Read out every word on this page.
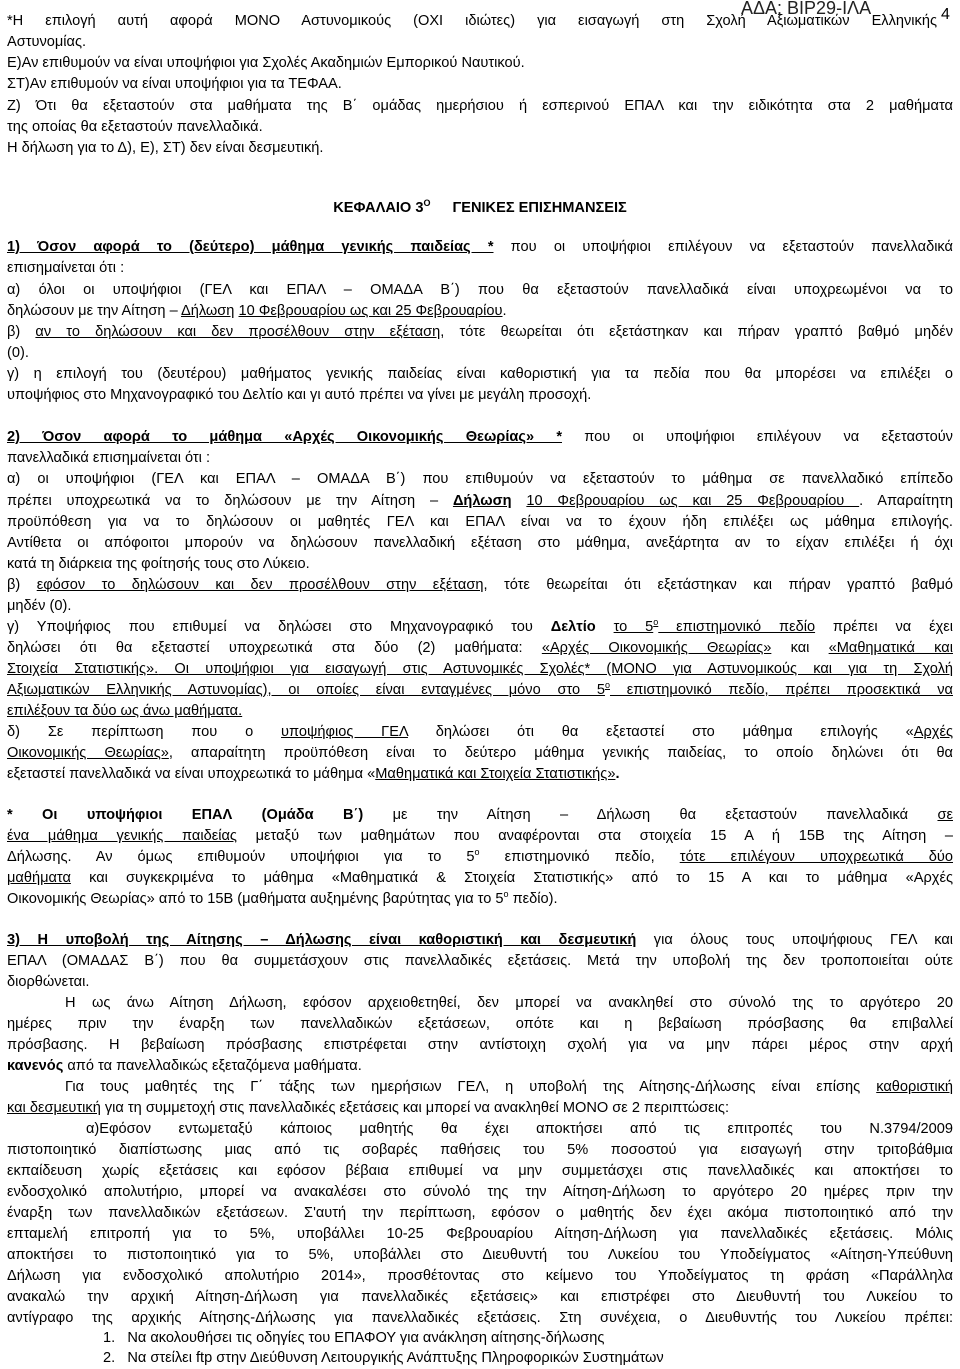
ΑΔΑ: ΒΙΡ29-ΙΛΑ	4
*Η επιλογή αυτή αφορά ΜΟΝΟ Αστυνομικούς (ΟΧΙ ιδιώτες) για εισαγωγή στη Σχολή Αξιωματικών Ελληνικής
Αστυνομίας.
Ε)Αν επιθυμούν να είναι υποψήφιοι για Σχολές Ακαδημιών Εμπορικού Ναυτικού.
ΣΤ)Αν επιθυμούν να είναι υποψήφιοι για τα ΤΕΦΑΑ.
Ζ) Ότι θα εξεταστούν στα μαθήματα της Β΄ ομάδας ημερήσιου ή εσπερινού ΕΠΑΛ και την ειδικότητα στα 2 μαθήματα
της οποίας θα εξεταστούν πανελλαδικά.
Η δήλωση για το Δ), Ε), ΣΤ) δεν είναι δεσμευτική.
ΚΕΦΑΛΑΙΟ $3^O$ ΓΕΝΙΚΕΣ ΕΠΙΣΗΜΑΝΣΕΙΣ
1) Όσον αφορά το (δεύτερο) μάθημα γενικής παιδείας * που οι υποψήφιοι επιλέγουν να εξεταστούν πανελλαδικά
επισημαίνεται ότι :
α) όλοι οι υποψήφιοι (ΓΕΛ και ΕΠΑΛ – ΟΜΑΔΑ Β΄) που θα εξεταστούν πανελλαδικά είναι υποχρεωμένοι να το
δηλώσουν με την Αίτηση – Δήλωση 10 Φεβρουαρίου ως και 25 Φεβρουαρίου.
β) αν το δηλώσουν και δεν προσέλθουν στην εξέταση, τότε θεωρείται ότι εξετάστηκαν και πήραν γραπτό βαθμό μηδέν
(0).
γ) η επιλογή του (δευτέρου) μαθήματος γενικής παιδείας είναι καθοριστική για τα πεδία που θα μπορέσει να επιλέξει ο
υποψήφιος στο Μηχανογραφικό του Δελτίο και γι αυτό πρέπει να γίνει με μεγάλη προσοχή.
2) Όσον αφορά το μάθημα «Αρχές Οικονομικής Θεωρίας» * που οι υποψήφιοι επιλέγουν να εξεταστούν
πανελλαδικά επισημαίνεται ότι :
α) οι υποψήφιοι (ΓΕΛ και ΕΠΑΛ – ΟΜΑΔΑ Β΄) που επιθυμούν να εξεταστούν το μάθημα σε πανελλαδικό επίπεδο
πρέπει υποχρεωτικά να το δηλώσουν με την Αίτηση – Δήλωση 10 Φεβρουαρίου ως και 25 Φεβρουαρίου . Απαραίτητη
προϋπόθεση για να το δηλώσουν οι μαθητές ΓΕΛ και ΕΠΑΛ είναι να το έχουν ήδη επιλέξει ως μάθημα επιλογής.
Αντίθετα οι απόφοιτοι μπορούν να δηλώσουν πανελλαδική εξέταση στο μάθημα, ανεξάρτητα αν το είχαν επιλέξει ή όχι
κατά τη διάρκεια της φοίτησής τους στο Λύκειο.
β) εφόσον το δηλώσουν και δεν προσέλθουν στην εξέταση, τότε θεωρείται ότι εξετάστηκαν και πήραν γραπτό βαθμό
μηδέν (0).
γ) Υποψήφιος που επιθυμεί να δηλώσει στο Μηχανογραφικό του Δελτίο το $5^o$ επιστημονικό πεδίο πρέπει να έχει
δηλώσει ότι θα εξεταστεί υποχρεωτικά στα δύο (2) μαθήματα: «Αρχές Οικονομικής Θεωρίας» και «Μαθηματικά και
Στοιχεία Στατιστικής». Οι υποψήφιοι για εισαγωγή στις Αστυνομικές Σχολές* (ΜΟΝΟ για Αστυνομικούς και για τη Σχολή
Αξιωματικών Ελληνικής Αστυνομίας), οι οποίες είναι ενταγμένες μόνο στο $5^o$ επιστημονικό πεδίο, πρέπει προσεκτικά να
επιλέξουν τα δύο ως άνω μαθήματα.
δ) Σε περίπτωση που ο υποψήφιος ΓΕΛ δηλώσει ότι θα εξεταστεί στο μάθημα επιλογής «Αρχές
Οικονομικής Θεωρίας», απαραίτητη προϋπόθεση είναι το δεύτερο μάθημα γενικής παιδείας, το οποίο δηλώνει ότι θα
εξεταστεί πανελλαδικά να είναι υποχρεωτικά το μάθημα «Μαθηματικά και Στοιχεία Στατιστικής».
* Οι υποψήφιοι ΕΠΑΛ (Ομάδα Β΄) με την Αίτηση – Δήλωση θα εξεταστούν πανελλαδικά σε
ένα μάθημα γενικής παιδείας μεταξύ των μαθημάτων που αναφέρονται στα στοιχεία 15 Α ή 15Β της Αίτηση –
Δήλωσης. Αν όμως επιθυμούν υποψήφιοι για το $5^o$ επιστημονικό πεδίο, τότε επιλέγουν υποχρεωτικά δύο
μαθήματα και συγκεκριμένα το μάθημα «Μαθηματικά & Στοιχεία Στατιστικής» από το 15 Α και το μάθημα «Αρχές
Οικονομικής Θεωρίας» από το 15Β (μαθήματα αυξημένης βαρύτητας για το $5^o$ πεδίο).
3) Η υποβολή της Αίτησης – Δήλωσης είναι καθοριστική και δεσμευτική για όλους τους υποψήφιους ΓΕΛ και
ΕΠΑΛ (ΟΜΑΔΑΣ Β΄) που θα συμμετάσχουν στις πανελλαδικές εξετάσεις. Μετά την υποβολή της δεν τροποποιείται ούτε
διορθώνεται.
Η ως άνω Αίτηση Δήλωση, εφόσον αρχειοθετηθεί, δεν μπορεί να ανακληθεί στο σύνολό της το αργότερο 20
ημέρες πριν την έναρξη των πανελλαδικών εξετάσεων, οπότε και η βεβαίωση πρόσβασης θα επιβαλλεί
πρόσβασης. Η βεβαίωση πρόσβασης επιστρέφεται στην αντίστοιχη σχολή για να μην πάρει μέρος στην αρχή
κανενός από τα πανελλαδικώς εξεταζόμενα μαθήματα.
Για τους μαθητές της Γ΄ τάξης των ημερήσιων ΓΕΛ, η υποβολή της Αίτησης-Δήλωσης είναι επίσης καθοριστική
και δεσμευτική για τη συμμετοχή στις πανελλαδικές εξετάσεις και μπορεί να ανακληθεί ΜΟΝΟ σε 2 περιπτώσεις:
α)Εφόσον εντωμεταξύ κάποιος μαθητής θα έχει αποκτήσει από τις επιτροπές του Ν.3794/2009
πιστοποιητικό διαπίστωσης μιας από τις σοβαρές παθήσεις του 5% ποσοστού για εισαγωγή στην τριτοβάθμια
εκπαίδευση χωρίς εξετάσεις και εφόσον βέβαια επιθυμεί να μην συμμετάσχει στις πανελλαδικές και αποκτήσει το
ενδοσχολικό απολυτήριο, μπορεί να ανακαλέσει στο σύνολό της την Αίτηση-Δήλωση το αργότερο 20 ημέρες πριν την
έναρξη των πανελλαδικών εξετάσεων. Σ'αυτή την περίπτωση, εφόσον ο μαθητής δεν έχει ακόμα πιστοποιητικό από την
επταμελή επιτροπή για το 5%, υποβάλλει 10-25 Φεβρουαρίου Αίτηση-Δήλωση για πανελλαδικές εξετάσεις. Μόλις
αποκτήσει το πιστοποιητικό για το 5%, υποβάλλει στο Διευθυντή του Λυκείου του Υποδείγματος «Αίτηση-Υπεύθυνη
Δήλωση για ενδοσχολικό απολυτήριο 2014», προσθέτοντας στο κείμενο του Υποδείγματος τη φράση «Παράλληλα
ανακαλώ την αρχική Αίτηση-Δήλωση για πανελλαδικές εξετάσεις» και επιστρέφει στο Διευθυντή του Λυκείου το
αντίγραφο της αρχικής Αίτησης-Δήλωσης για πανελλαδικές εξετάσεις. Στη συνέχεια, ο Διευθυντής του Λυκείου πρέπει:
1.   Να ακολουθήσει τις οδηγίες του ΕΠΑΦΟΥ για ανάκληση αίτησης-δήλωσης
2.   Να στείλει ftp στην Διεύθυνση Λειτουργικής Ανάπτυξης Πληροφορικών Συστημάτων
